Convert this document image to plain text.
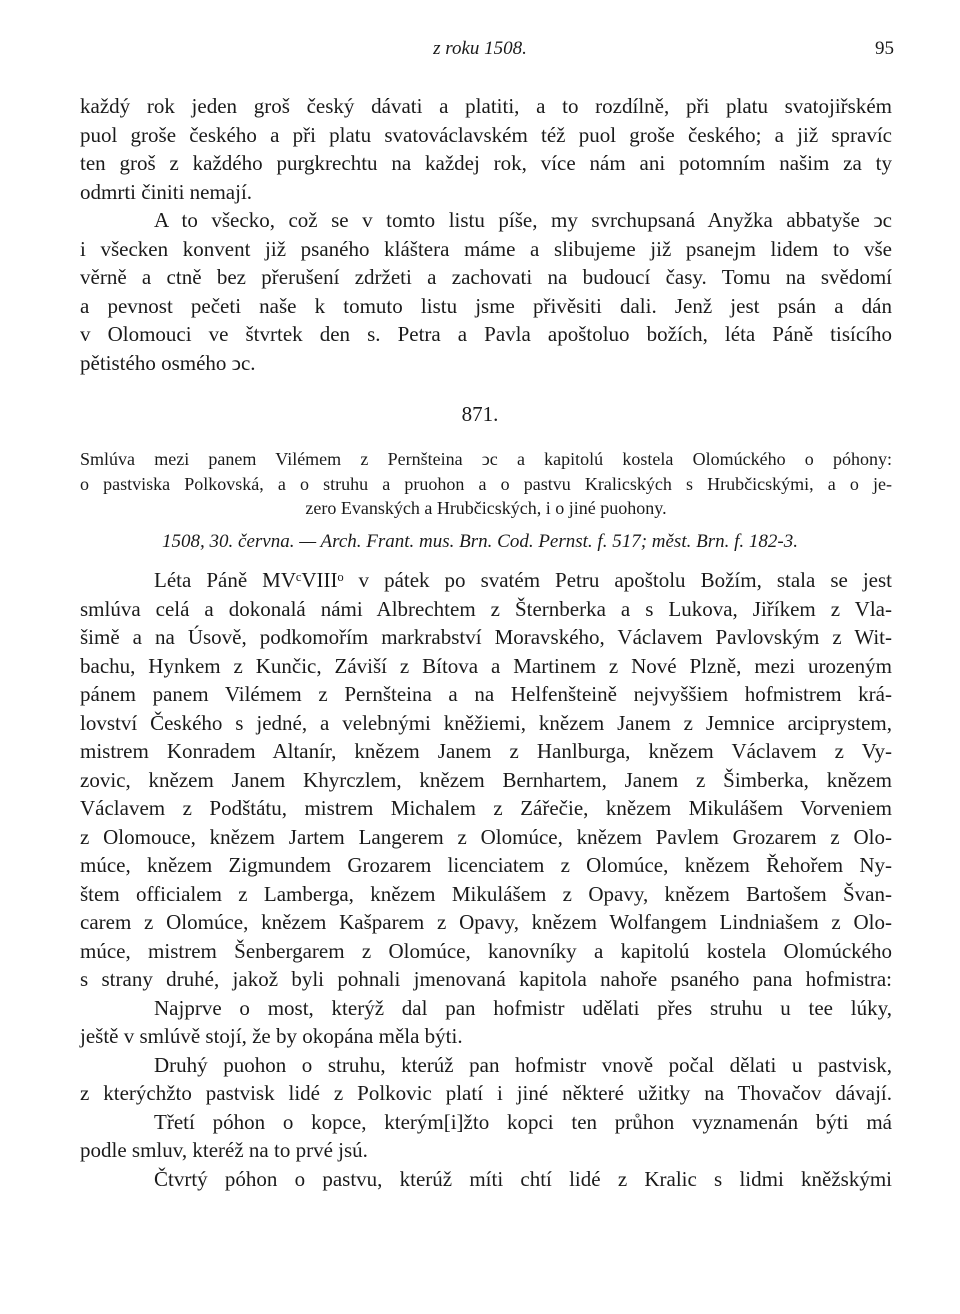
z roku 1508.	95
každý rok jeden groš český dávati a platiti, a to rozdílně, při platu svatojiřském
puol groše českého a při platu svatováclavském též puol groše českého; a již spravíc
ten groš z každého purgkrechtu na každej rok, více nám ani potomním našim za ty
odmrti činiti nemají.
A to všecko, což se v tomto listu píše, my svrchupsaná Anyžka abbatyše ͻc
i všecken konvent již psaného kláštera máme a slibujeme již psanejm lidem to vše
věrně a ctně bez přerušení zdržeti a zachovati na budoucí časy. Tomu na svědomí
a pevnost pečeti naše k tomuto listu jsme přivěsiti dali. Jenž jest psán a dán
v Olomouci ve štvrtek den s. Petra a Pavla apoštoluo božích, léta Páně tisícího
pětistého osmého ͻc.
871.
Smlúva mezi panem Vilémem z Pernšteina ͻc a kapitolú kostela Olomúckého o póhony:
o pastviska Polkovská, a o struhu a pruohon a o pastvu Kralicských s Hrubčicskými, a o je-
zero Evanských a Hrubčicských, i o jiné puohony.
1508, 30. června. — Arch. Frant. mus. Brn. Cod. Pernst. f. 517; měst. Brn. f. 182-3.
Léta Páně MVᶜVIIIᵒ v pátek po svatém Petru apoštolu Božím, stala se jest
smlúva celá a dokonalá námi Albrechtem z Šternberka a s Lukova, Jiříkem z Vla-
šimě a na Úsově, podkomořím markrabství Moravského, Václavem Pavlovským z Wit-
bachu, Hynkem z Kunčic, Záviší z Bítova a Martinem z Nové Plzně, mezi urozeným
pánem panem Vilémem z Pernšteina a na Helfenšteině nejvyššiem hofmistrem krá-
lovství Českého s jedné, a velebnými kněžiemi, knězem Janem z Jemnice arciprystem,
mistrem Konradem Altanír, knězem Janem z Hanlburga, knězem Václavem z Vy-
zovic, knězem Janem Khyrczlem, knězem Bernhartem, Janem z Šimberka, knězem
Václavem z Podštátu, mistrem Michalem z Zářečie, knězem Mikulášem Vorveniem
z Olomouce, knězem Jartem Langerem z Olomúce, knězem Pavlem Grozarem z Olo-
múce, knězem Zigmundem Grozarem licenciatem z Olomúce, knězem Řehořem Ny-
štem officialem z Lamberga, knězem Mikulášem z Opavy, knězem Bartošem Švan-
carem z Olomúce, knězem Kašparem z Opavy, knězem Wolfangem Lindniašem z Olo-
múce, mistrem Šenbergarem z Olomúce, kanovníky a kapitolú kostela Olomúckého
s strany druhé, jakož byli pohnali jmenovaná kapitola nahoře psaného pana hofmistra:
Najprve o most, kterýž dal pan hofmistr udělati přes struhu u tee lúky,
ještě v smlúvě stojí, že by okopána měla býti.
Druhý puohon o struhu, kterúž pan hofmistr vnově počal dělati u pastvisk,
z kterýchžto pastvisk lidé z Polkovic platí i jiné některé užitky na Thovačov dávají.
Třetí póhon o kopce, kterým[i]žto kopci ten průhon vyznamenán býti má
podle smluv, kteréž na to prvé jsú.
Čtvrtý póhon o pastvu, kterúž míti chtí lidé z Kralic s lidmi kněžskými
